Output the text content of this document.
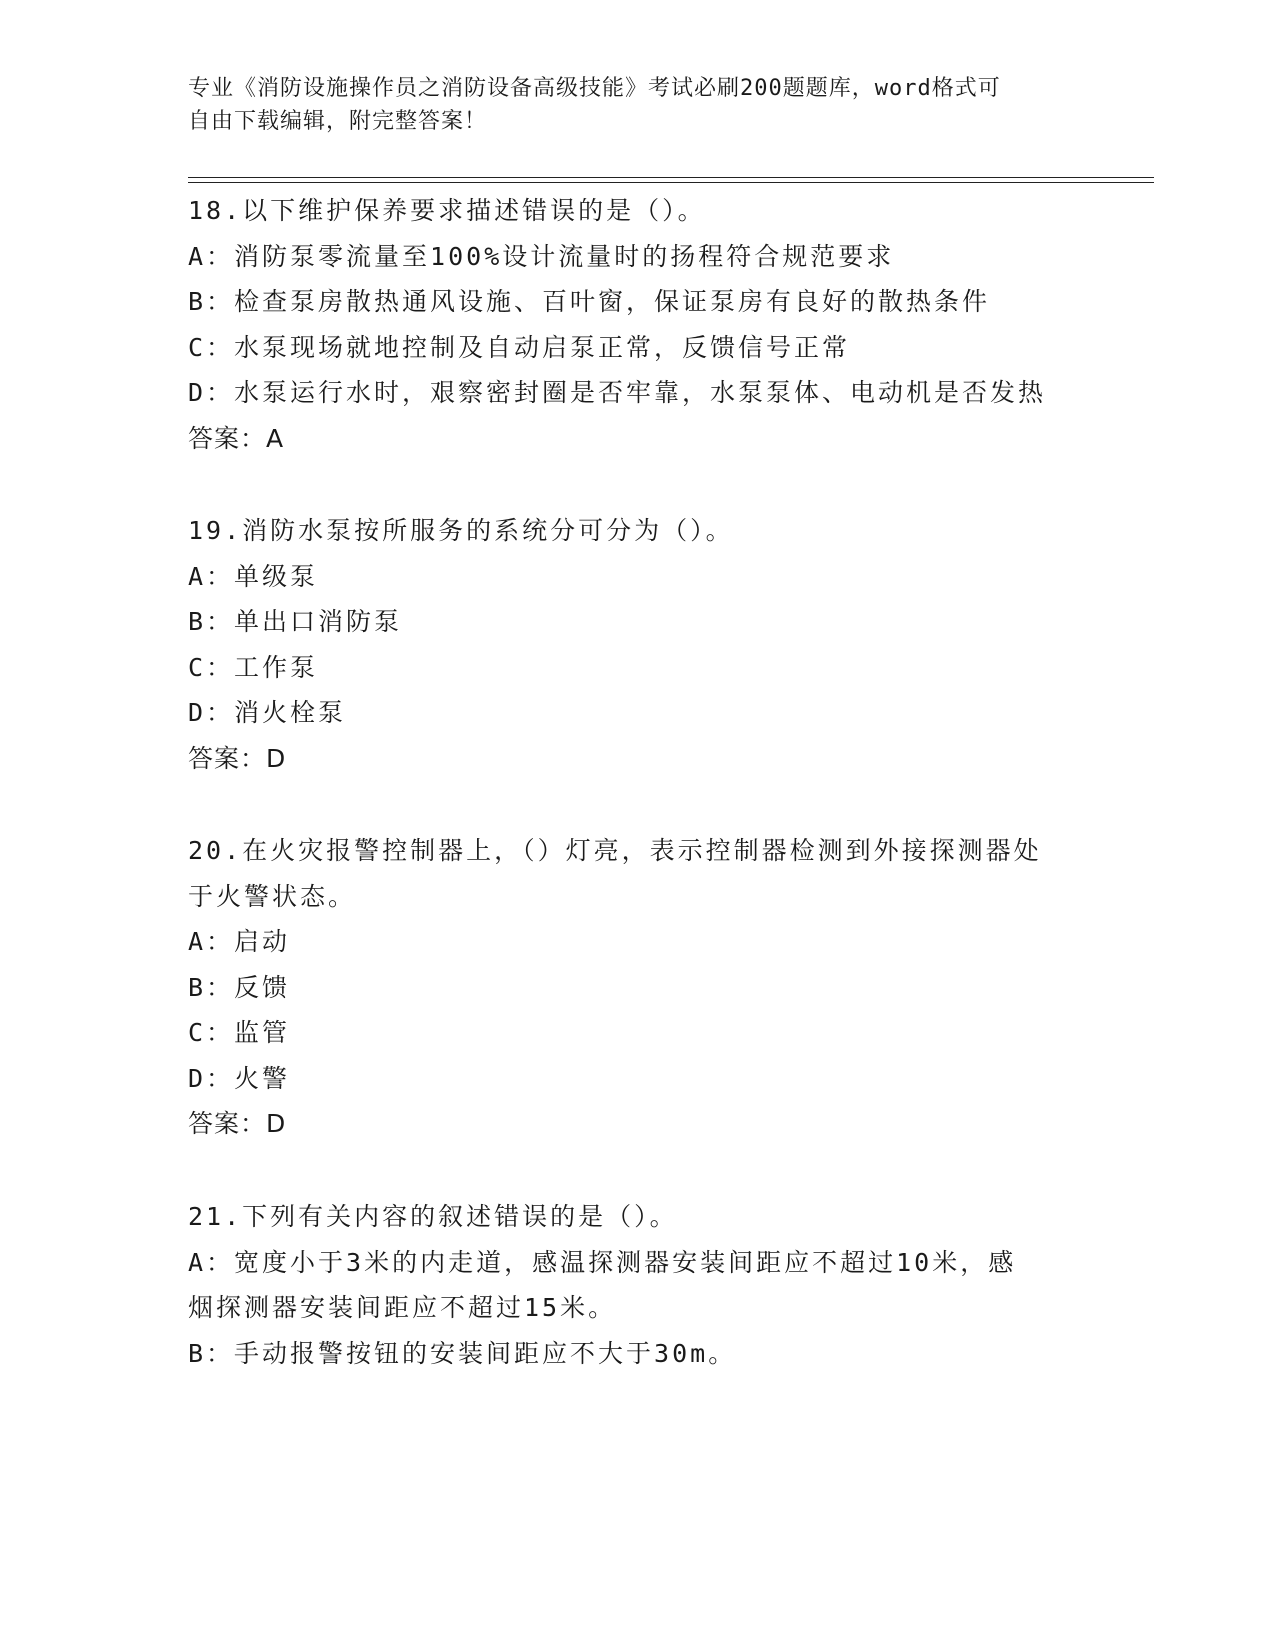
专业《消防设施操作员之消防设备高级技能》考试必刷200题题库，word格式可
自由下载编辑，附完整答案！
18.以下维护保养要求描述错误的是（）。
A：消防泵零流量至100%设计流量时的扬程符合规范要求
B：检查泵房散热通风设施、百叶窗，保证泵房有良好的散热条件
C：水泵现场就地控制及自动启泵正常，反馈信号正常
D：水泵运行水时，艰察密封圈是否牢靠，水泵泵体、电动机是否发热
答案：A
19.消防水泵按所服务的系统分可分为（）。
A：单级泵
B：单出口消防泵
C：工作泵
D：消火栓泵
答案：D
20.在火灾报警控制器上，（）灯亮，表示控制器检测到外接探测器处
于火警状态。
A：启动
B：反馈
C：监管
D：火警
答案：D
21.下列有关内容的叙述错误的是（）。
A：宽度小于3米的内走道，感温探测器安装间距应不超过10米，感
烟探测器安装间距应不超过15米。
B：手动报警按钮的安装间距应不大于30m。
